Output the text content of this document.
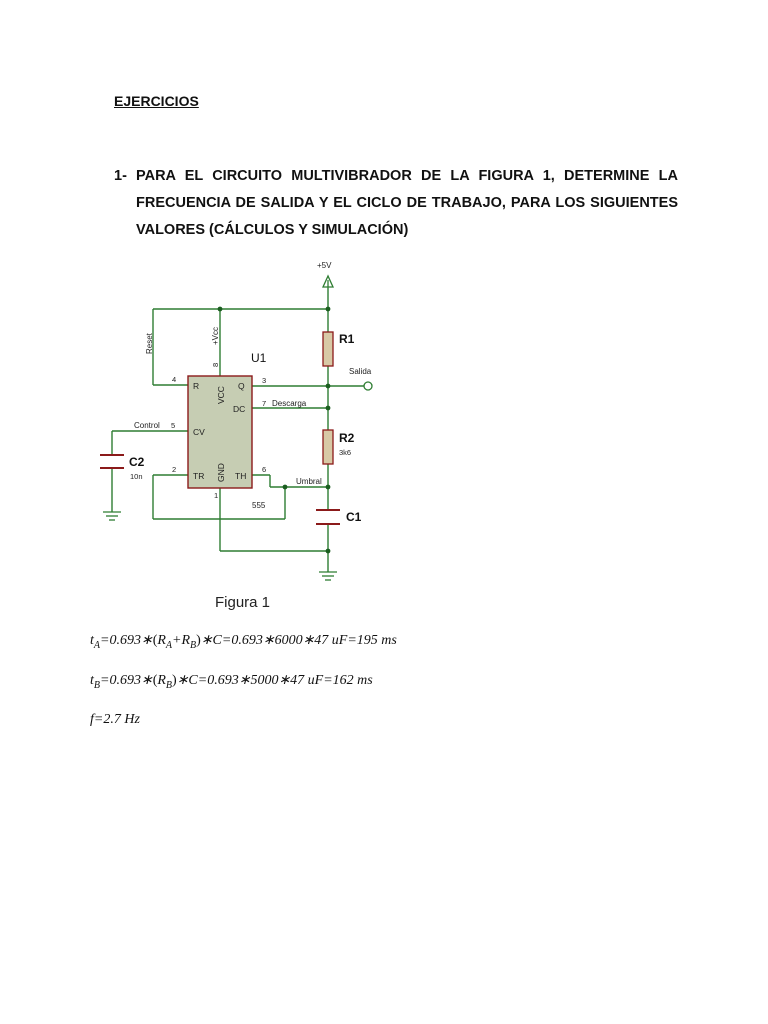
EJERCICIOS
1- PARA EL CIRCUITO MULTIVIBRADOR DE LA FIGURA 1, DETERMINE LA FRECUENCIA DE SALIDA Y EL CICLO DE TRABAJO, PARA LOS SIGUIENTES VALORES (CÁLCULOS Y SIMULACIÓN)
+5V
U1
555
R	Q
DC
CV
TR	TH
VCC
GND
4
8
3
7
5
2	6
1
Reset	+Vcc
Control
Salida
Descarga
Umbral
R1
R2
3k6
C1
C2
10n
Figura 1
$t_A=0.693∗(R_A+R_B)∗C=0.693∗6000∗47$ uF=195 ms
$t_B=0.693∗(R_B)∗C=0.693∗5000∗47$ uF=162 ms
f=2.7 Hz
